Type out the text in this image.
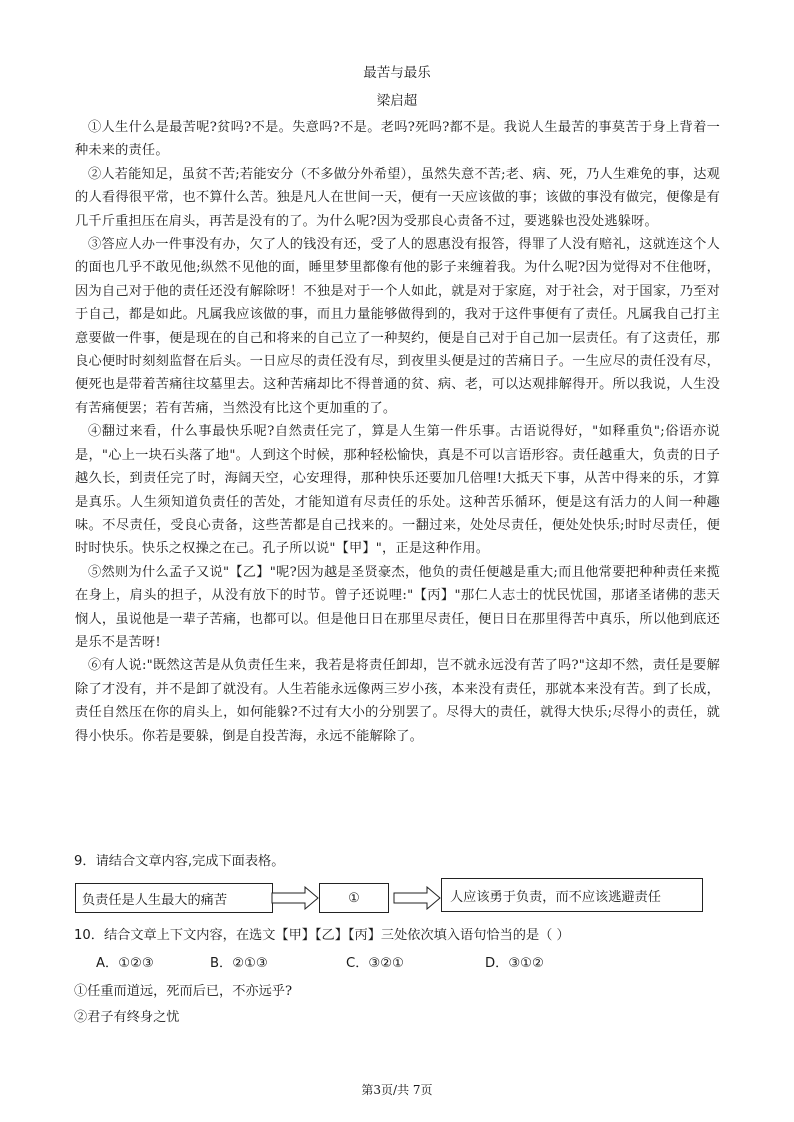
最苦与最乐
梁启超

①人生什么是最苦呢?贫吗?不是。失意吗?不是。老吗?死吗?都不是。我说人生最苦的事莫苦于身上背着一种未来的责任。

②人若能知足，虽贫不苦;若能安分（不多做分外希望），虽然失意不苦;老、病、死，乃人生难免的事，达观的人看得很平常，也不算什么苦。独是凡人在世间一天，便有一天应该做的事；该做的事没有做完，便像是有几千斤重担压在肩头，再苦是没有的了。为什么呢?因为受那良心责备不过，要逃躲也没处逃躲呀。

③答应人办一件事没有办，欠了人的钱没有还，受了人的恩惠没有报答，得罪了人没有赔礼，这就连这个人的面也几乎不敢见他;纵然不见他的面，睡里梦里都像有他的影子来缠着我。为什么呢?因为觉得对不住他呀，因为自己对于他的责任还没有解除呀！不独是对于一个人如此，就是对于家庭，对于社会，对于国家，乃至对于自己，都是如此。凡属我应该做的事，而且力量能够做得到的，我对于这件事便有了责任。凡属我自己打主意要做一件事，便是现在的自己和将来的自己立了一种契约，便是自己对于自己加一层责任。有了这责任，那良心便时时刻刻监督在后头。一日应尽的责任没有尽，到夜里头便是过的苦痛日子。一生应尽的责任没有尽，便死也是带着苦痛往坟墓里去。这种苦痛却比不得普通的贫、病、老，可以达观排解得开。所以我说，人生没有苦痛便罢；若有苦痛，当然没有比这个更加重的了。

④翻过来看，什么事最快乐呢?自然责任完了，算是人生第一件乐事。古语说得好，"如释重负";俗语亦说是，"心上一块石头落了地"。人到这个时候，那种轻松愉快，真是不可以言语形容。责任越重大，负责的日子越久长，到责任完了时，海阔天空，心安理得，那种快乐还要加几倍哩!大抵天下事，从苦中得来的乐，才算是真乐。人生须知道负责任的苦处，才能知道有尽责任的乐处。这种苦乐循环，便是这有活力的人间一种趣味。不尽责任，受良心责备，这些苦都是自己找来的。一翻过来，处处尽责任，便处处快乐;时时尽责任，便时时快乐。快乐之权操之在己。孔子所以说"【甲】"，正是这种作用。

⑤然则为什么孟子又说"【乙】"呢?因为越是圣贤豪杰，他负的责任便越是重大;而且他常要把种种责任来揽在身上，肩头的担子，从没有放下的时节。曾子还说哩:"【丙】"那仁人志士的忧民忧国，那诸圣诸佛的悲天悯人，虽说他是一辈子苦痛，也都可以。但是他日日在那里尽责任，便日日在那里得苦中真乐，所以他到底还是乐不是苦呀!

⑥有人说:"既然这苦是从负责任生来，我若是将责任卸却，岂不就永远没有苦了吗?"这却不然，责任是要解除了才没有，并不是卸了就没有。人生若能永远像两三岁小孩，本来没有责任，那就本来没有苦。到了长成，责任自然压在你的肩头上，如何能躲?不过有大小的分别罢了。尽得大的责任，就得大快乐;尽得小的责任，就得小快乐。你若是要躲，倒是自投苦海，永远不能解除了。

9．请结合文章内容,完成下面表格。
负责任是人生最大的痛苦	①	人应该勇于负责，而不应该逃避责任
10．结合文章上下文内容，在选文【甲】【乙】【丙】三处依次填入语句恰当的是（ ）
A．①②③	B．②①③	C．③②①	D．③①②
①任重而道远，死而后已，不亦远乎?
②君子有终身之忧
第3页/共 7页
